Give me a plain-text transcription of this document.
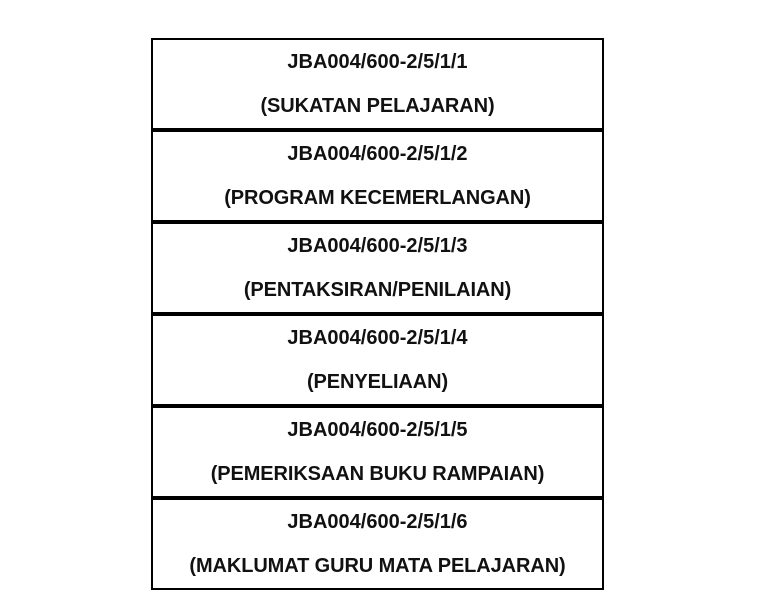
JBA004/600-2/5/1/1
(SUKATAN PELAJARAN)
JBA004/600-2/5/1/2
(PROGRAM KECEMERLANGAN)
JBA004/600-2/5/1/3
(PENTAKSIRAN/PENILAIAN)
JBA004/600-2/5/1/4
(PENYELIAAN)
JBA004/600-2/5/1/5
(PEMERIKSAAN BUKU RAMPAIAN)
JBA004/600-2/5/1/6
(MAKLUMAT GURU MATA PELAJARAN)
